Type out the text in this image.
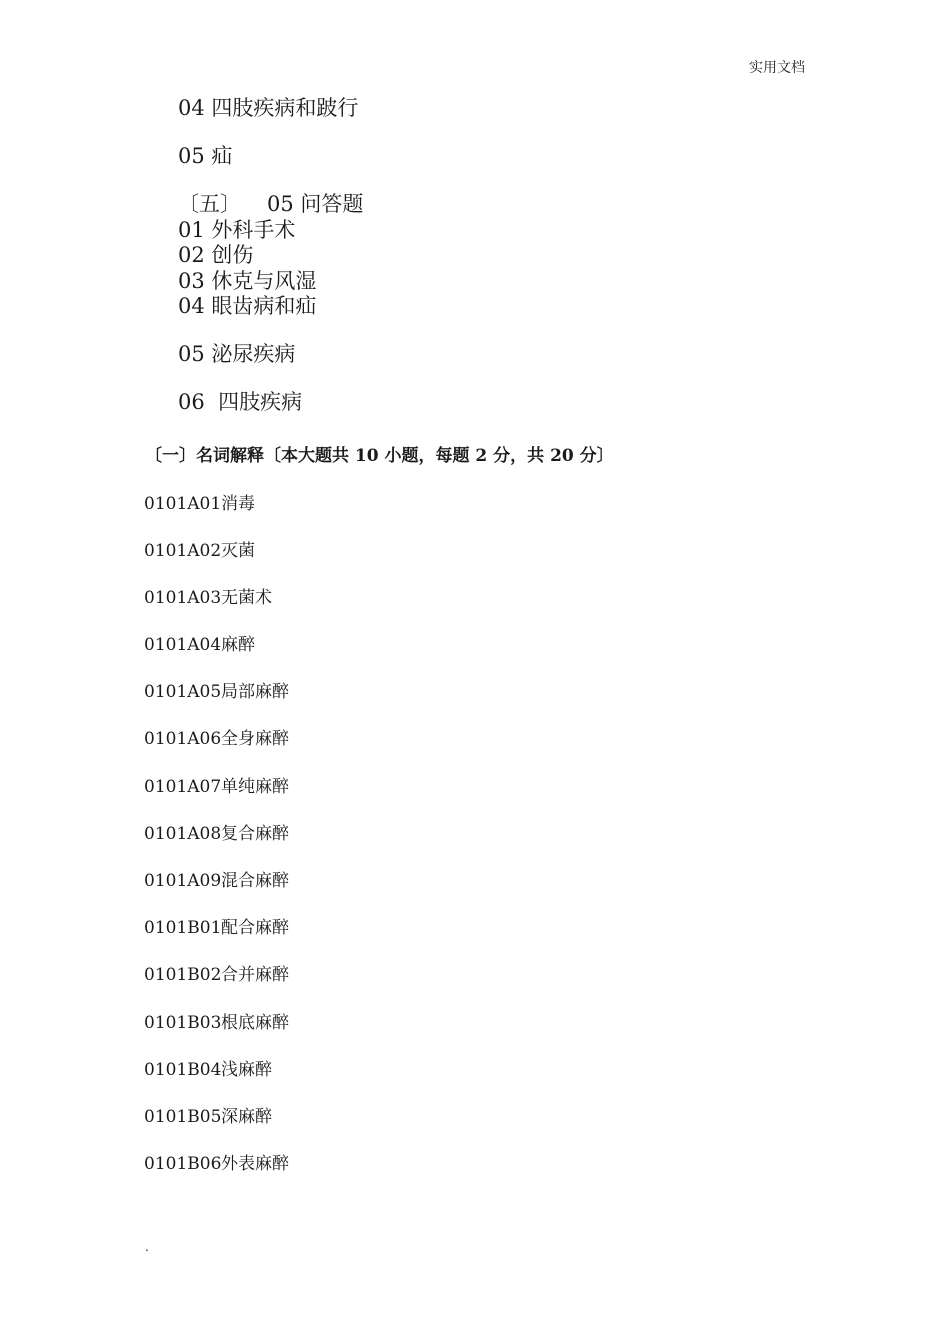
实用文档
04 四肢疾病和跛行
05 疝
〔五〕 05 问答题
01 外科手术
02 创伤
03 休克与风湿
04 眼齿病和疝
05 泌尿疾病
06  四肢疾病
〔一〕名词解释〔本大题共 10 小题，每题 2 分，共 20 分〕
0101A01消毒
0101A02灭菌
0101A03无菌术
0101A04麻醉
0101A05局部麻醉
0101A06全身麻醉
0101A07单纯麻醉
0101A08复合麻醉
0101A09混合麻醉
0101B01配合麻醉
0101B02合并麻醉
0101B03根底麻醉
0101B04浅麻醉
0101B05深麻醉
0101B06外表麻醉
.
